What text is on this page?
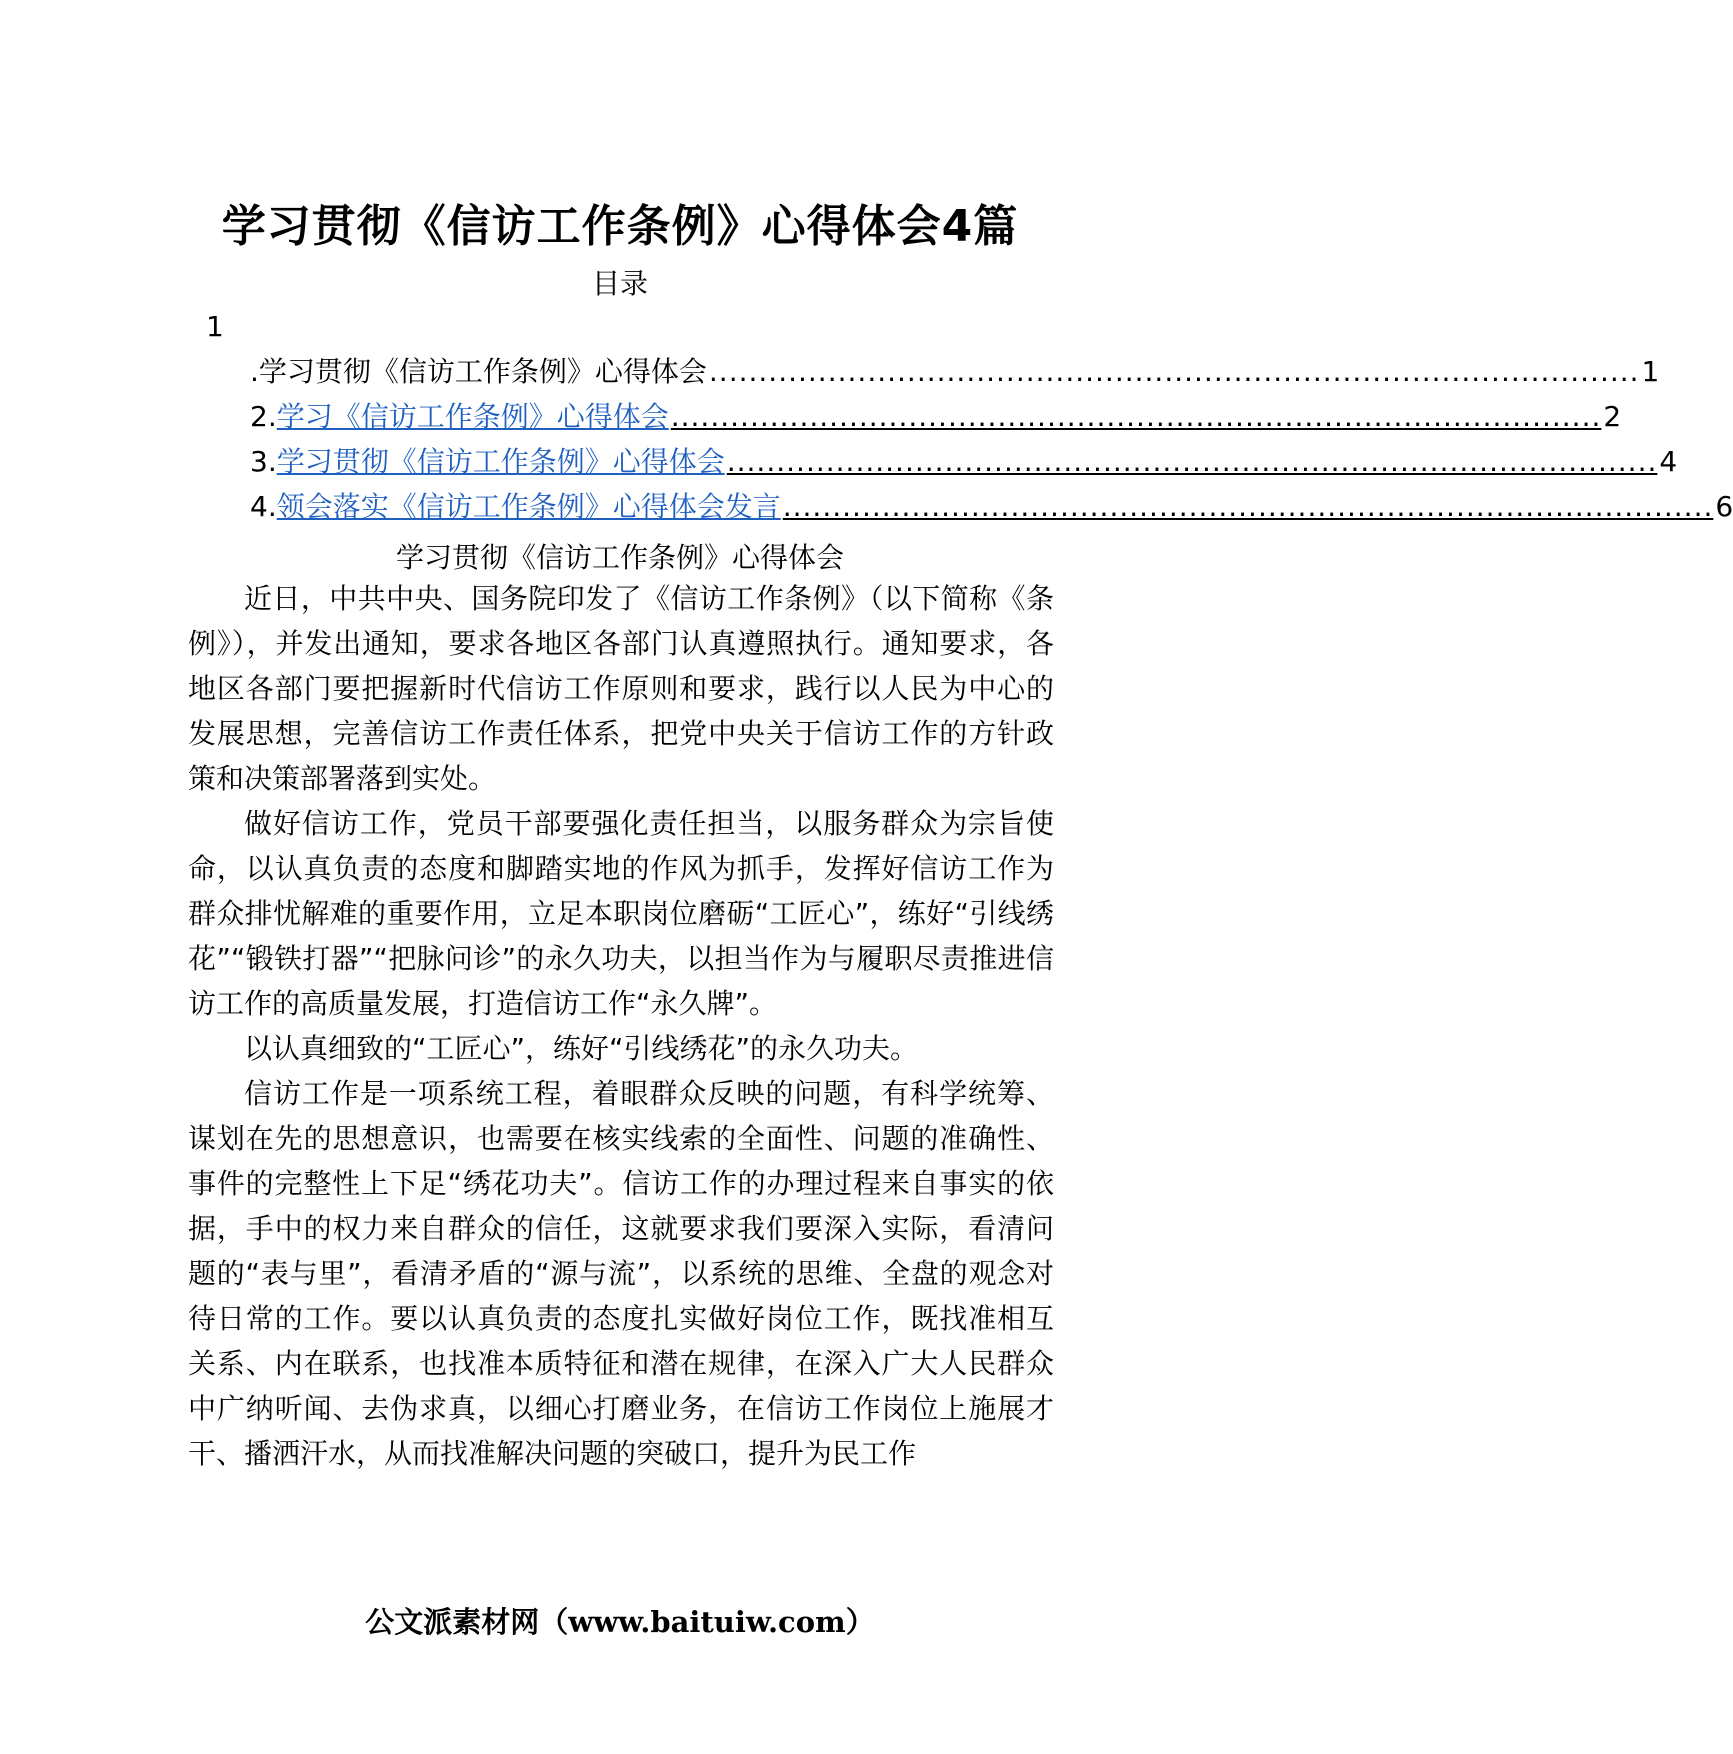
学习贯彻《信访工作条例》心得体会4篇
目录
1
.学习贯彻《信访工作条例》心得体会 .............................................................................................. 1
2. 学习《信访工作条例》心得体会 .............................................................................................. 2
3. 学习贯彻《信访工作条例》心得体会 .............................................................................................. 4
4. 领会落实《信访工作条例》心得体会发言 .............................................................................................. 6
学习贯彻《信访工作条例》心得体会

近日，中共中央、国务院印发了《信访工作条例》（以下简称《条例》），并发出通知，要求各地区各部门认真遵照执行。通知要求，各地区各部门要把握新时代信访工作原则和要求，践行以人民为中心的发展思想，完善信访工作责任体系，把党中央关于信访工作的方针政策和决策部署落到实处。

做好信访工作，党员干部要强化责任担当，以服务群众为宗旨使命，以认真负责的态度和脚踏实地的作风为抓手，发挥好信访工作为群众排忧解难的重要作用，立足本职岗位磨砺“工匠心”，练好“引线绣花”“锻铁打器”“把脉问诊”的永久功夫，以担当作为与履职尽责推进信访工作的高质量发展，打造信访工作“永久牌”。

以认真细致的“工匠心”，练好“引线绣花”的永久功夫。

信访工作是一项系统工程，着眼群众反映的问题，有科学统筹、谋划在先的思想意识，也需要在核实线索的全面性、问题的准确性、事件的完整性上下足“绣花功夫”。信访工作的办理过程来自事实的依据，手中的权力来自群众的信任，这就要求我们要深入实际，看清问题的“表与里”，看清矛盾的“源与流”，以系统的思维、全盘的观念对待日常的工作。要以认真负责的态度扎实做好岗位工作，既找准相互关系、内在联系，也找准本质特征和潜在规律，在深入广大人民群众中广纳听闻、去伪求真，以细心打磨业务，在信访工作岗位上施展才干、播洒汗水，从而找准解决问题的突破口，提升为民工作

公文派素材网（www.baituiw.com）
